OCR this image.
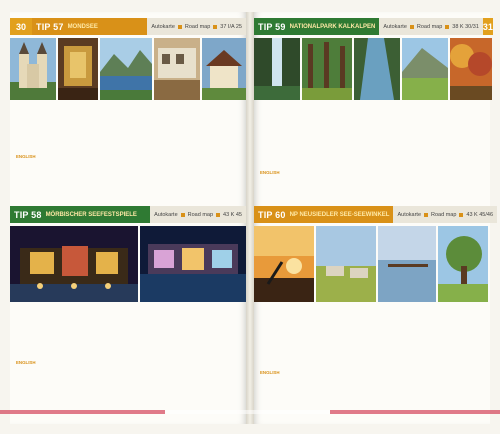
30	TIP 57 MONDSEE	Autokarte Road map 37 I/A 25
ENGLISH
TIP 58 MÖRBISCHER SEEFESTSPIELE	Autokarte Road map 43 K 45
ENGLISH
TIP 59 NATIONALPARK KALKALPEN Autokarte Road map 38 K 30/31 31
ENGLISH
TIP 60 NP NEUSIEDLER SEE-SEEWINKEL Autokarte Road map 43 K 45/46
ENGLISH
